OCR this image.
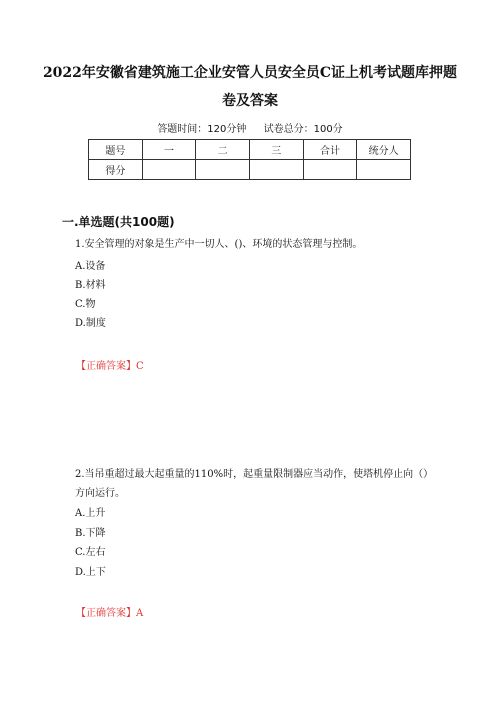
2022年安徽省建筑施工企业安管人员安全员C证上机考试题库押题
卷及答案
答题时间：120分钟 试卷总分：100分
题号	一	二	三	合计	统分人
得分					
一.单选题(共100题)
1.安全管理的对象是生产中一切人、()、环境的状态管理与控制。
A.设备
B.材料
C.物
D.制度
【正确答案】C
2.当吊重超过最大起重量的110%时，起重量限制器应当动作，使塔机停止向（）
方向运行。
A.上升
B.下降
C.左右
D.上下
【正确答案】A
